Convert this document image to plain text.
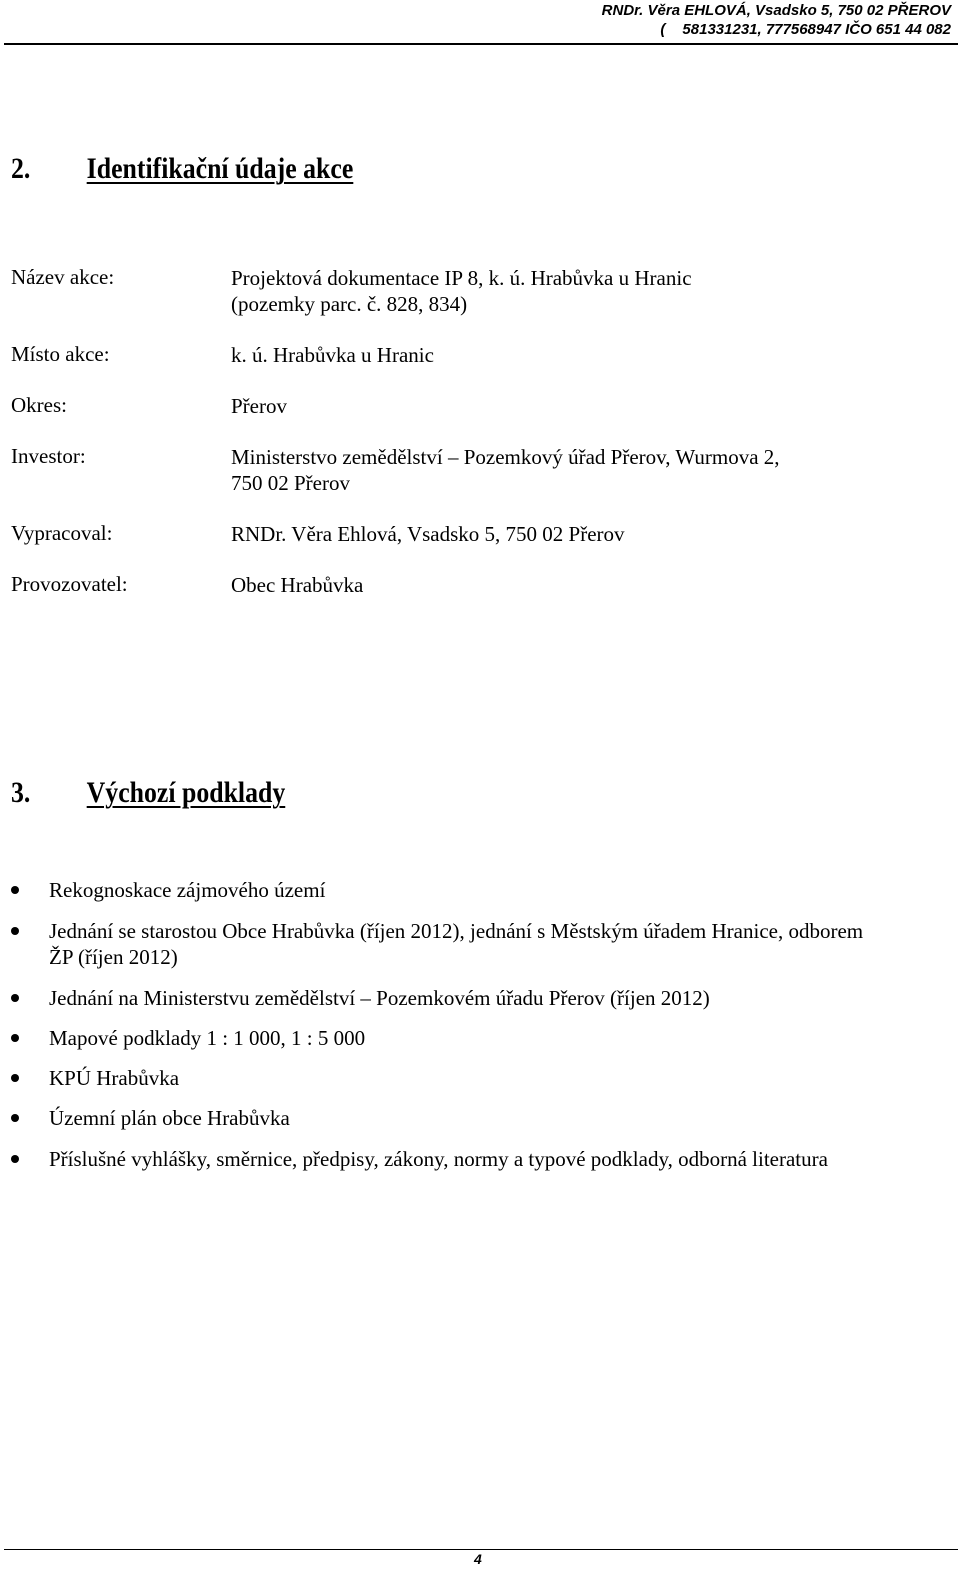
RNDr. Věra EHLOVÁ, Vsadsko 5, 750 02 PŘEROV
( 581331231, 777568947 IČO 651 44 082
2. Identifikační údaje akce
Název akce:	Projektová dokumentace IP 8, k. ú. Hrabůvka u Hranic
(pozemky parc. č. 828, 834)
Místo akce:	k. ú. Hrabůvka u Hranic
Okres:	Přerov
Investor:	Ministerstvo zemědělství – Pozemkový úřad Přerov, Wurmova 2,
750 02 Přerov
Vypracoval:	RNDr. Věra Ehlová, Vsadsko 5, 750 02 Přerov
Provozovatel:	Obec Hrabůvka
3. Výchozí podklady
Rekognoskace zájmového území
Jednání se starostou Obce Hrabůvka (říjen 2012), jednání s Městským úřadem Hranice, odborem
ŽP (říjen 2012)
Jednání na Ministerstvu zemědělství – Pozemkovém úřadu Přerov (říjen 2012)
Mapové podklady 1 : 1 000, 1 : 5 000
KPÚ Hrabůvka
Územní plán obce Hrabůvka
Příslušné vyhlášky, směrnice, předpisy, zákony, normy a typové podklady, odborná literatura
4
